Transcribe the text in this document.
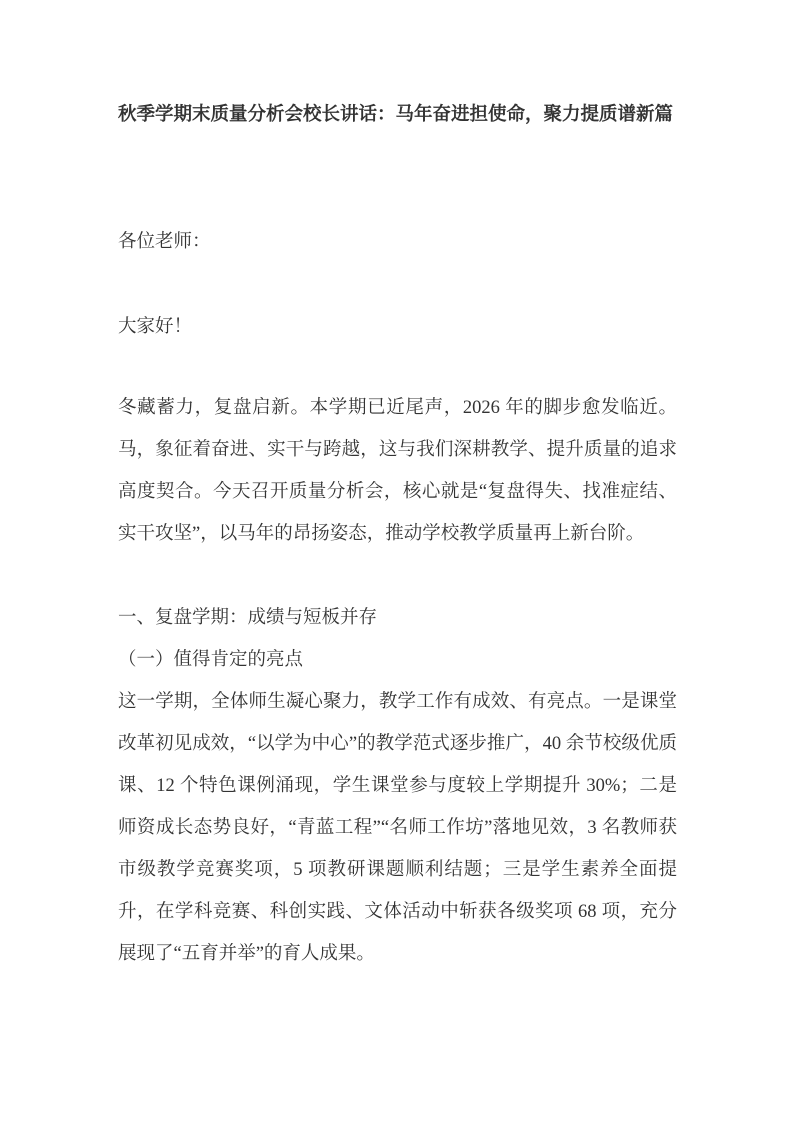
秋季学期末质量分析会校长讲话：马年奋进担使命，聚力提质谱新篇

各位老师：

大家好！

冬藏蓄力，复盘启新。本学期已近尾声，2026 年的脚步愈发临近。马，象征着奋进、实干与跨越，这与我们深耕教学、提升质量的追求高度契合。今天召开质量分析会，核心就是“复盘得失、找准症结、实干攻坚”，以马年的昂扬姿态，推动学校教学质量再上新台阶。

一、复盘学期：成绩与短板并存

（一）值得肯定的亮点

这一学期，全体师生凝心聚力，教学工作有成效、有亮点。一是课堂改革初见成效，“以学为中心”的教学范式逐步推广，40 余节校级优质课、12 个特色课例涌现，学生课堂参与度较上学期提升 30%；二是师资成长态势良好，“青蓝工程”“名师工作坊”落地见效，3 名教师获市级教学竞赛奖项，5 项教研课题顺利结题；三是学生素养全面提升，在学科竞赛、科创实践、文体活动中斩获各级奖项 68 项，充分展现了“五育并举”的育人成果。
